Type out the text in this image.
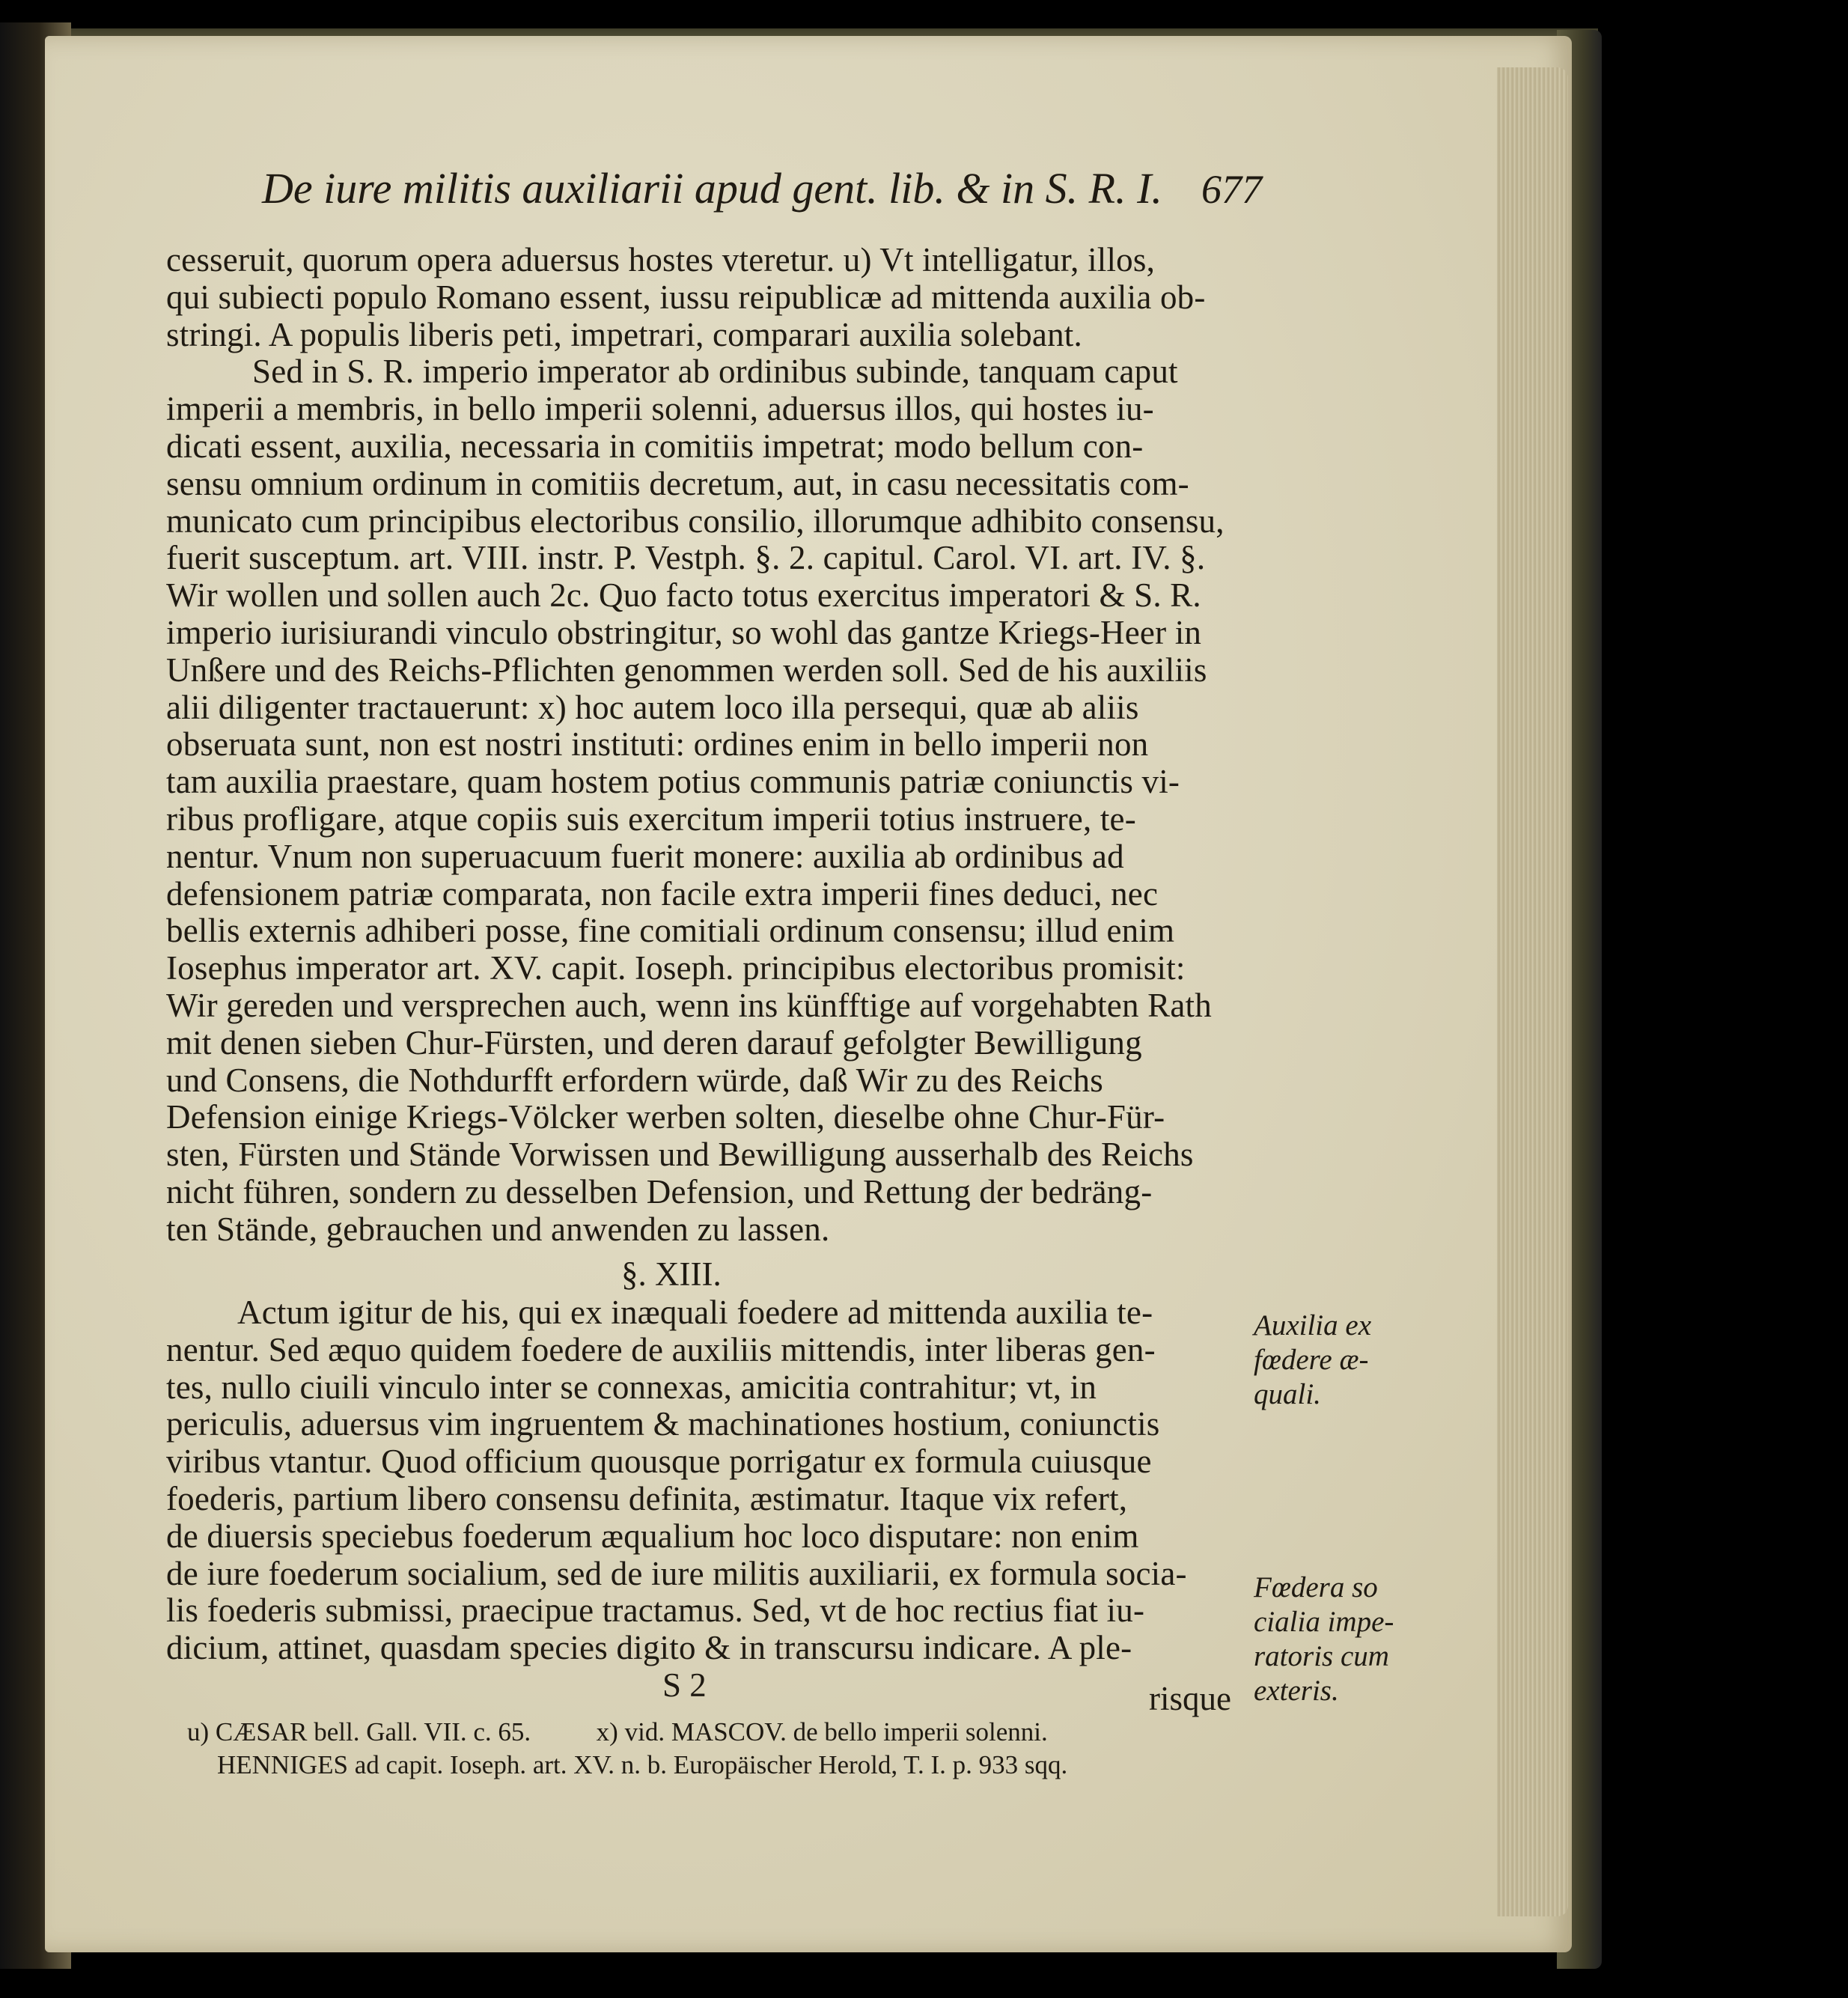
De iure militis auxiliarii apud gent. lib. & in S. R. I. 677
cesseruit, quorum opera aduersus hostes vteretur. u) Vt intelligatur, illos,
qui subiecti populo Romano essent, iussu reipublicæ ad mittenda auxilia ob-
stringi. A populis liberis peti, impetrari, comparari auxilia solebant.
Sed in S. R. imperio imperator ab ordinibus subinde, tanquam caput
imperii a membris, in bello imperii solenni, aduersus illos, qui hostes iu-
dicati essent, auxilia, necessaria in comitiis impetrat; modo bellum con-
sensu omnium ordinum in comitiis decretum, aut, in casu necessitatis com-
municato cum principibus electoribus consilio, illorumque adhibito consensu,
fuerit susceptum. art. VIII. instr. P. Vestph. §. 2. capitul. Carol. VI. art. IV. §.
Wir wollen und sollen auch 2c. Quo facto totus exercitus imperatori & S. R.
imperio iurisiurandi vinculo obstringitur, so wohl das gantze Kriegs-Heer in
Unßere und des Reichs-Pflichten genommen werden soll. Sed de his auxiliis
alii diligenter tractauerunt: x) hoc autem loco illa persequi, quæ ab aliis
obseruata sunt, non est nostri instituti: ordines enim in bello imperii non
tam auxilia praestare, quam hostem potius communis patriæ coniunctis vi-
ribus profligare, atque copiis suis exercitum imperii totius instruere, te-
nentur. Vnum non superuacuum fuerit monere: auxilia ab ordinibus ad
defensionem patriæ comparata, non facile extra imperii fines deduci, nec
bellis externis adhiberi posse, fine comitiali ordinum consensu; illud enim
Iosephus imperator art. XV. capit. Ioseph. principibus electoribus promisit:
Wir gereden und versprechen auch, wenn ins künfftige auf vorgehabten Rath
mit denen sieben Chur-Fürsten, und deren darauf gefolgter Bewilligung
und Consens, die Nothdurfft erfordern würde, daß Wir zu des Reichs
Defension einige Kriegs-Völcker werben solten, dieselbe ohne Chur-Für-
sten, Fürsten und Stände Vorwissen und Bewilligung ausserhalb des Reichs
nicht führen, sondern zu desselben Defension, und Rettung der bedräng-
ten Stände, gebrauchen und anwenden zu lassen.
§. XIII.
Actum igitur de his, qui ex inæquali foedere ad mittenda auxilia te-
nentur. Sed æquo quidem foedere de auxiliis mittendis, inter liberas gen-
tes, nullo ciuili vinculo inter se connexas, amicitia contrahitur; vt, in
periculis, aduersus vim ingruentem & machinationes hostium, coniunctis
viribus vtantur. Quod officium quousque porrigatur ex formula cuiusque
foederis, partium libero consensu definita, æstimatur. Itaque vix refert,
de diuersis speciebus foederum æqualium hoc loco disputare: non enim
de iure foederum socialium, sed de iure militis auxiliarii, ex formula socia-
lis foederis submissi, praecipue tractamus. Sed, vt de hoc rectius fiat iu-
dicium, attinet, quasdam species digito & in transcursu indicare. A ple-
Auxilia ex
fœdere æ-
quali.
Fœdera so
cialia impe-
ratoris cum
exteris.
S 2	risque
u) CÆSAR bell. Gall. VII. c. 65.          x) vid. MASCOV. de bello imperii solenni.
HENNIGES ad capit. Ioseph. art. XV. n. b. Europäischer Herold, T. I. p. 933 sqq.
